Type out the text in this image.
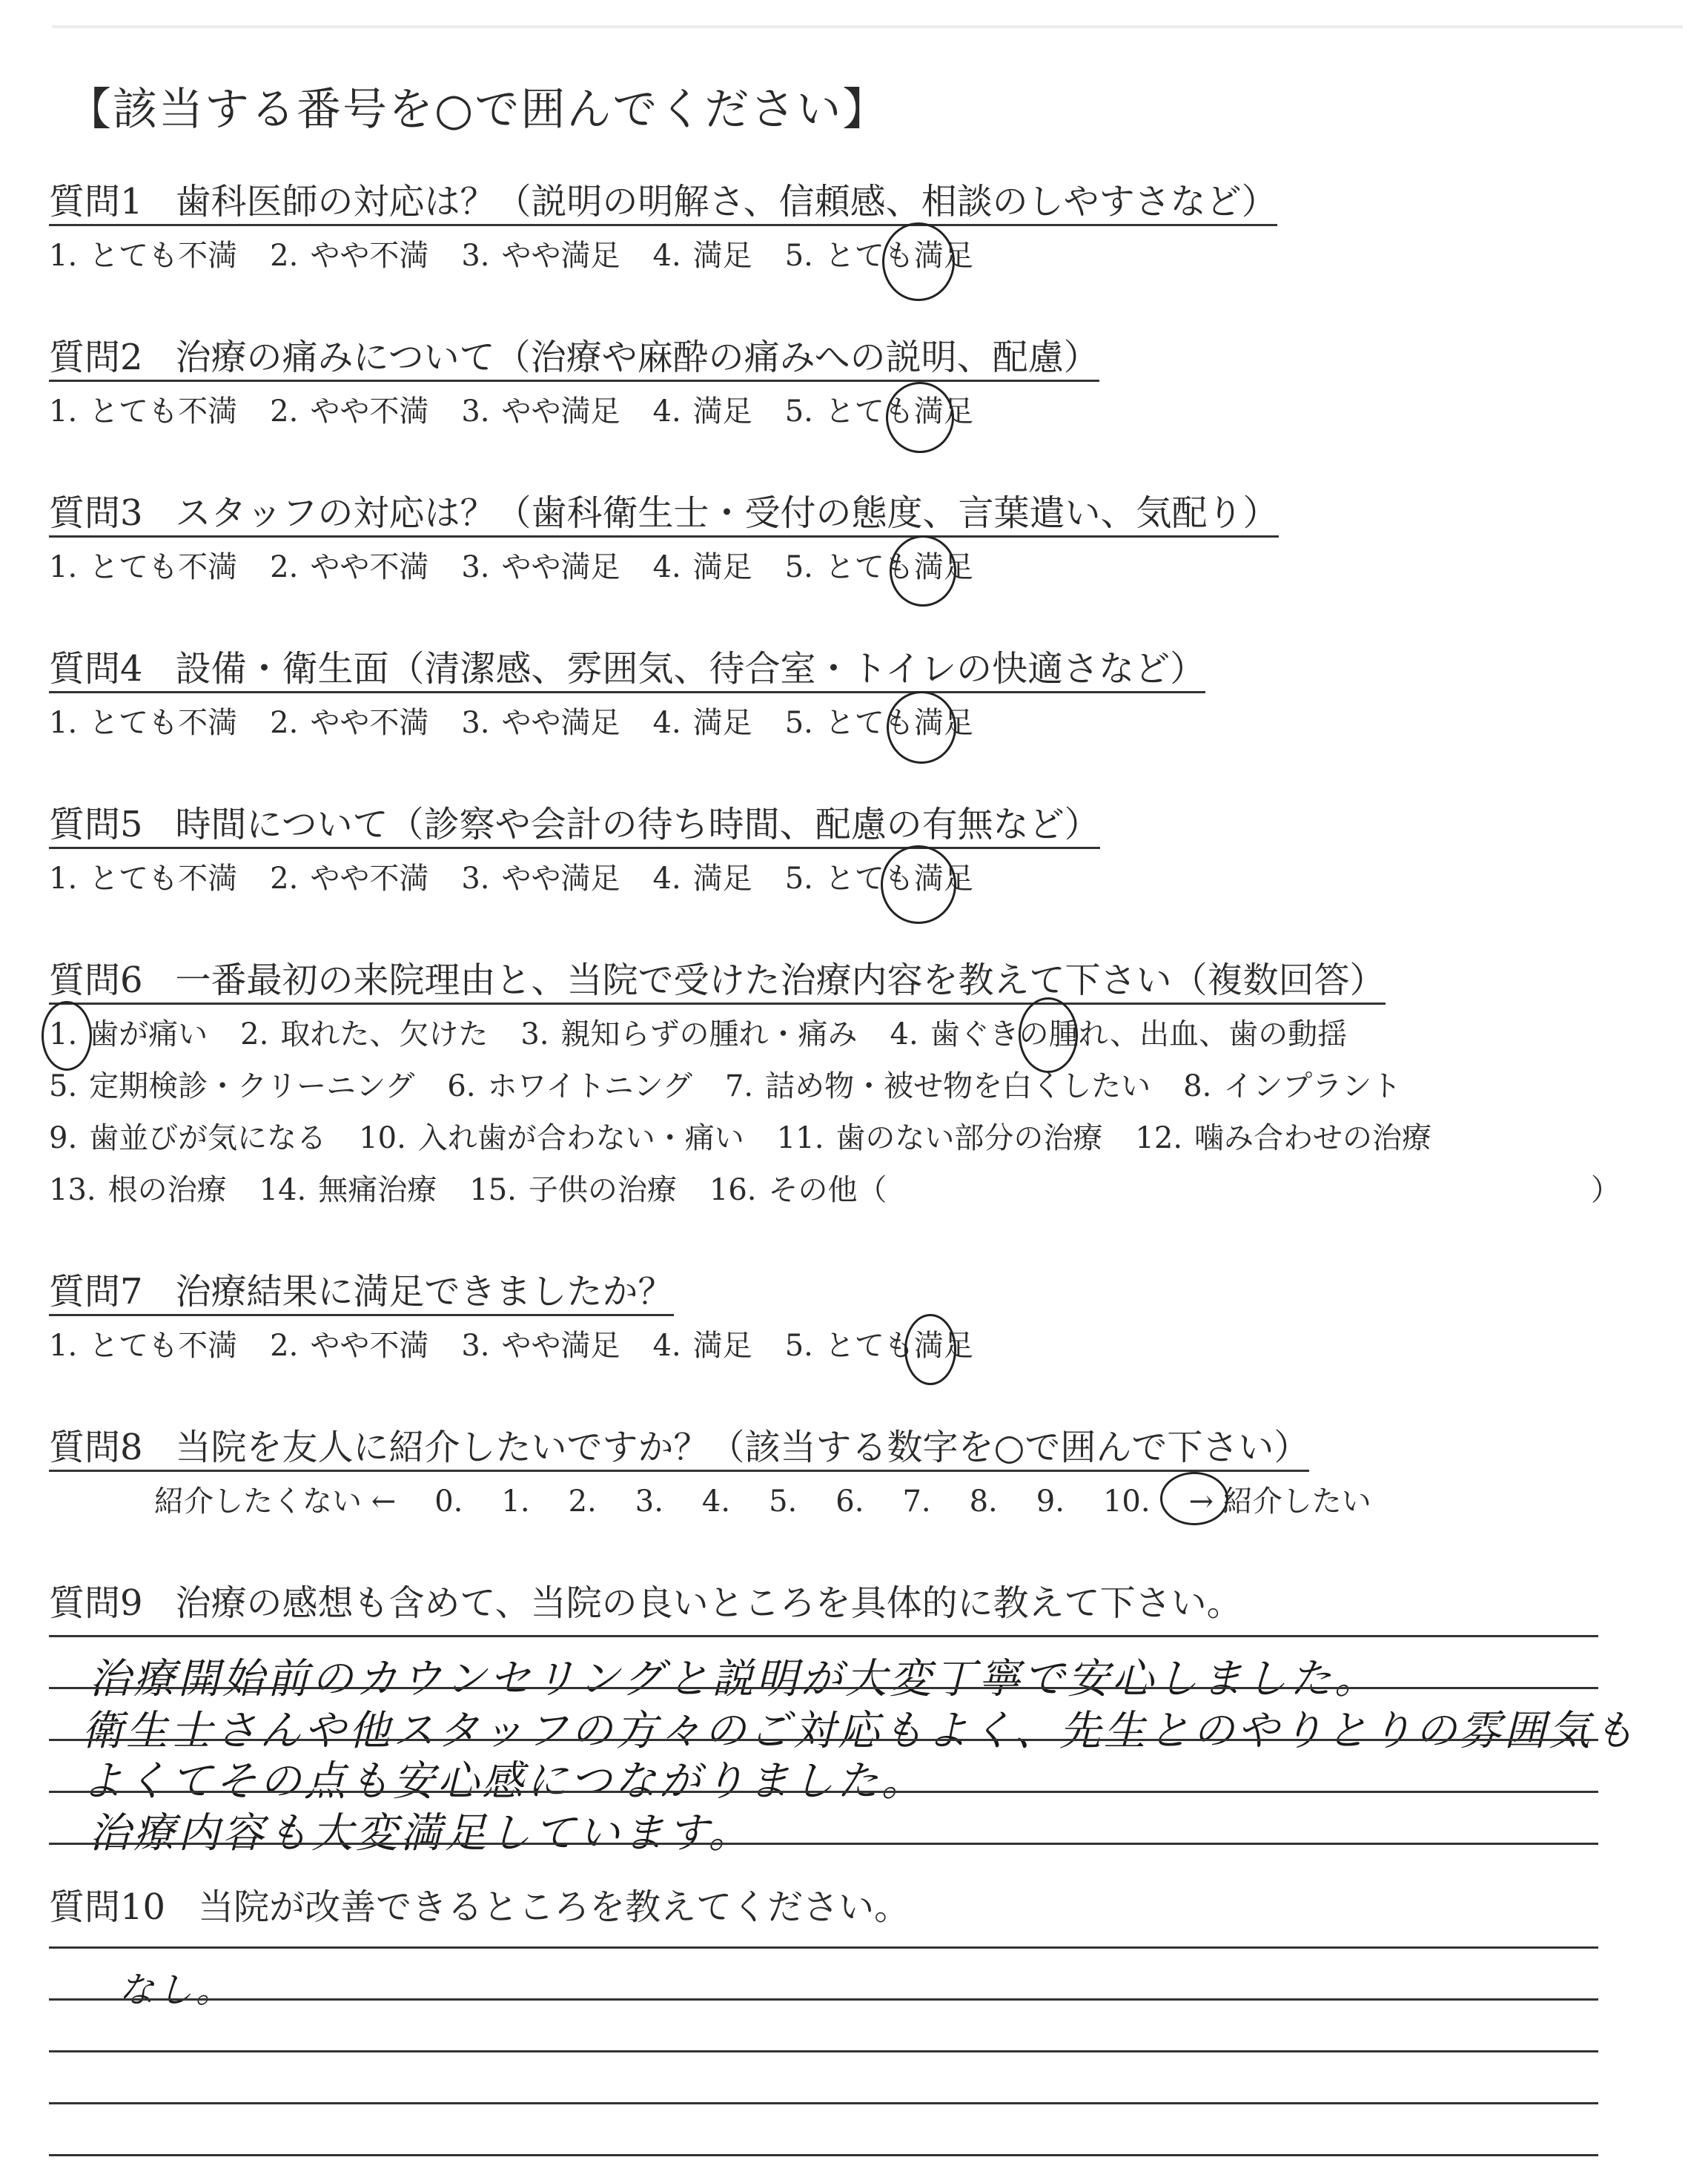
【該当する番号を○で囲んでください】
質問1 歯科医師の対応は？（説明の明解さ、信頼感、相談のしやすさなど）
1. とても不満 2. やや不満 3. やや満足 4. 満足 5. とても満足
質問2 治療の痛みについて（治療や麻酔の痛みへの説明、配慮）
1. とても不満 2. やや不満 3. やや満足 4. 満足 5. とても満足
質問3 スタッフの対応は？（歯科衛生士・受付の態度、言葉遣い、気配り）
1. とても不満 2. やや不満 3. やや満足 4. 満足 5. とても満足
質問4 設備・衛生面（清潔感、雰囲気、待合室・トイレの快適さなど）
1. とても不満 2. やや不満 3. やや満足 4. 満足 5. とても満足
質問5 時間について（診察や会計の待ち時間、配慮の有無など）
1. とても不満 2. やや不満 3. やや満足 4. 満足 5. とても満足
質問6 一番最初の来院理由と、当院で受けた治療内容を教えて下さい（複数回答）
1. 歯が痛い 2. 取れた、欠けた 3. 親知らずの腫れ・痛み 4. 歯ぐきの腫れ、出血、歯の動揺
5. 定期検診・クリーニング 6. ホワイトニング 7. 詰め物・被せ物を白くしたい 8. インプラント
9. 歯並びが気になる 10. 入れ歯が合わない・痛い 11. 歯のない部分の治療 12. 噛み合わせの治療
13. 根の治療 14. 無痛治療 15. 子供の治療 16. その他（	）
質問7 治療結果に満足できましたか？
1. とても不満 2. やや不満 3. やや満足 4. 満足 5. とても満足
質問8 当院を友人に紹介したいですか？（該当する数字を○で囲んで下さい）
紹介したくない ← 0. 1. 2. 3. 4. 5. 6. 7. 8. 9. 10. → 紹介したい
質問9 治療の感想も含めて、当院の良いところを具体的に教えて下さい。
治療開始前のカウンセリングと説明が大変丁寧で安心しました。
衛生士さんや他スタッフの方々のご対応もよく、先生とのやりとりの雰囲気も
よくてその点も安心感につながりました。
治療内容も大変満足しています。
質問10 当院が改善できるところを教えてください。
なし。
